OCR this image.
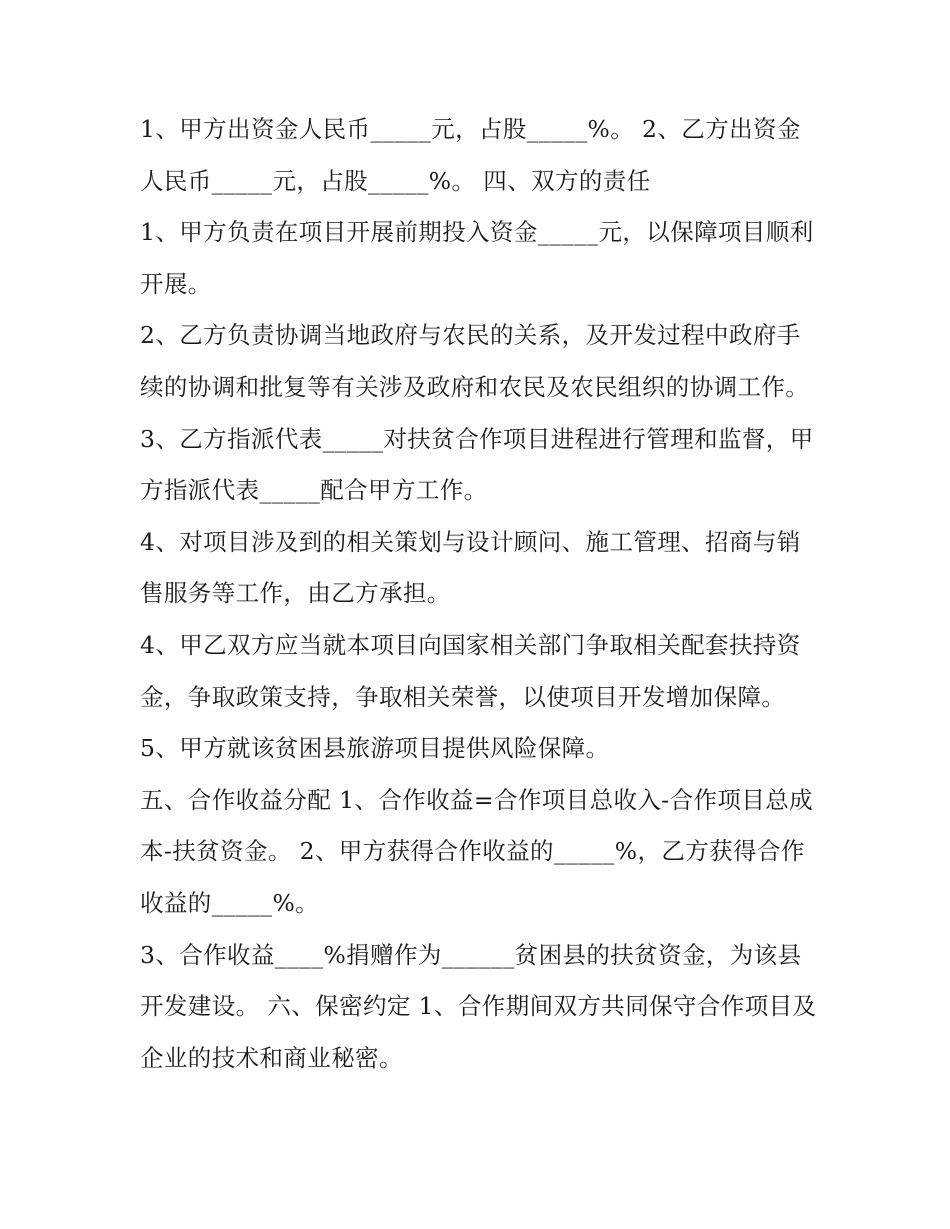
1、甲方出资金人民币_____元，占股_____%。 2、乙方出资金人民币_____元，占股_____%。 四、双方的责任

1、甲方负责在项目开展前期投入资金_____元，以保障项目顺利开展。

2、乙方负责协调当地政府与农民的关系，及开发过程中政府手续的协调和批复等有关涉及政府和农民及农民组织的协调工作。

3、乙方指派代表_____对扶贫合作项目进程进行管理和监督，甲方指派代表_____配合甲方工作。

4、对项目涉及到的相关策划与设计顾问、施工管理、招商与销售服务等工作，由乙方承担。

4、甲乙双方应当就本项目向国家相关部门争取相关配套扶持资金，争取政策支持，争取相关荣誉，以使项目开发增加保障。 5、甲方就该贫困县旅游项目提供风险保障。

五、合作收益分配 1、合作收益=合作项目总收入-合作项目总成本-扶贫资金。 2、甲方获得合作收益的_____%，乙方获得合作收益的_____%。

3、合作收益____%捐赠作为______贫困县的扶贫资金，为该县开发建设。 六、保密约定 1、合作期间双方共同保守合作项目及企业的技术和商业秘密。
